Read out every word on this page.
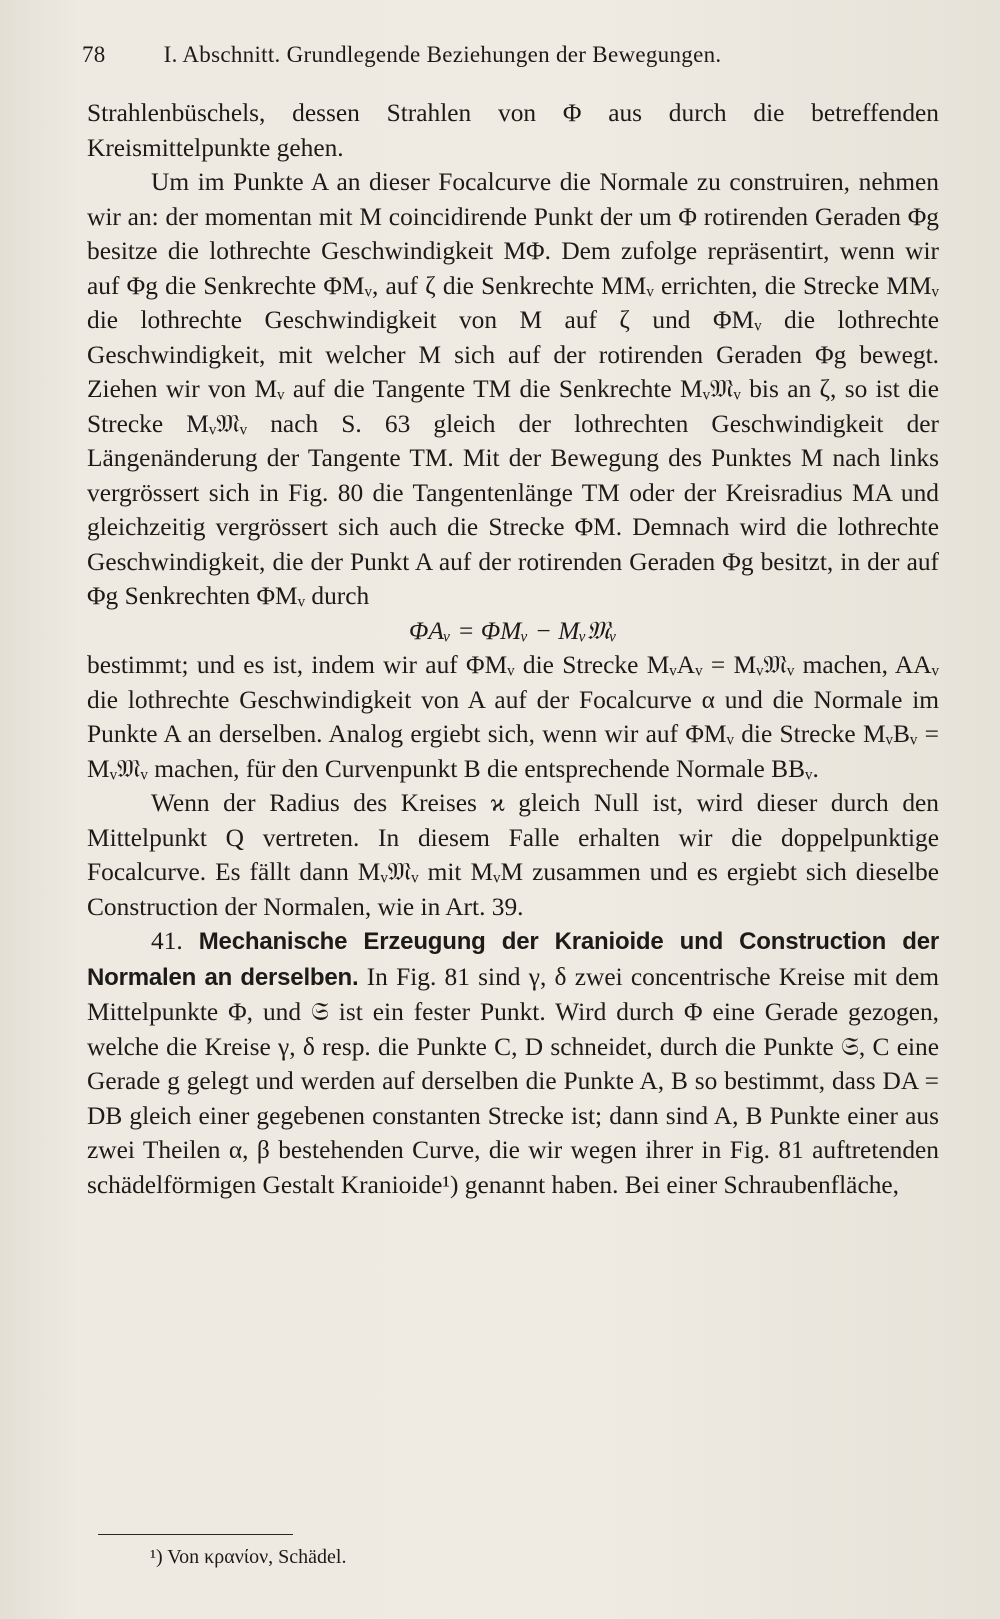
78	I. Abschnitt. Grundlegende Beziehungen der Bewegungen.

Strahlenbüschels, dessen Strahlen von Φ aus durch die betreffenden Kreismittelpunkte gehen.

Um im Punkte A an dieser Focalcurve die Normale zu construiren, nehmen wir an: der momentan mit M coincidirende Punkt der um Φ rotirenden Geraden Φg besitze die lothrechte Geschwindigkeit MΦ. Dem zufolge repräsentirt, wenn wir auf Φg die Senkrechte ΦMᵥ, auf ζ die Senkrechte MMᵥ errichten, die Strecke MMᵥ die lothrechte Geschwindigkeit von M auf ζ und ΦMᵥ die lothrechte Geschwindigkeit, mit welcher M sich auf der rotirenden Geraden Φg bewegt. Ziehen wir von Mᵥ auf die Tangente TM die Senkrechte Mᵥ𝔐ᵥ bis an ζ, so ist die Strecke Mᵥ𝔐ᵥ nach S. 63 gleich der lothrechten Geschwindigkeit der Längenänderung der Tangente TM. Mit der Bewegung des Punktes M nach links vergrössert sich in Fig. 80 die Tangentenlänge TM oder der Kreisradius MA und gleichzeitig vergrössert sich auch die Strecke ΦM. Demnach wird die lothrechte Geschwindigkeit, die der Punkt A auf der rotirenden Geraden Φg besitzt, in der auf Φg Senkrechten ΦMᵥ durch

ΦAᵥ = ΦMᵥ − Mᵥ𝔐ᵥ

bestimmt; und es ist, indem wir auf ΦMᵥ die Strecke MᵥAᵥ = Mᵥ𝔐ᵥ machen, AAᵥ die lothrechte Geschwindigkeit von A auf der Focalcurve α und die Normale im Punkte A an derselben. Analog ergiebt sich, wenn wir auf ΦMᵥ die Strecke MᵥBᵥ = Mᵥ𝔐ᵥ machen, für den Curvenpunkt B die entsprechende Normale BBᵥ.

Wenn der Radius des Kreises ϰ gleich Null ist, wird dieser durch den Mittelpunkt Q vertreten. In diesem Falle erhalten wir die doppelpunktige Focalcurve. Es fällt dann Mᵥ𝔐ᵥ mit MᵥM zusammen und es ergiebt sich dieselbe Construction der Normalen, wie in Art. 39.

41. Mechanische Erzeugung der Kranioide und Construction der Normalen an derselben. In Fig. 81 sind γ, δ zwei concentrische Kreise mit dem Mittelpunkte Φ, und 𝔖 ist ein fester Punkt. Wird durch Φ eine Gerade gezogen, welche die Kreise γ, δ resp. die Punkte C, D schneidet, durch die Punkte 𝔖, C eine Gerade g gelegt und werden auf derselben die Punkte A, B so bestimmt, dass DA = DB gleich einer gegebenen constanten Strecke ist; dann sind A, B Punkte einer aus zwei Theilen α, β bestehenden Curve, die wir wegen ihrer in Fig. 81 auftretenden schädelförmigen Gestalt Kranioide¹) genannt haben. Bei einer Schraubenfläche,

¹) Von κρανίον, Schädel.
